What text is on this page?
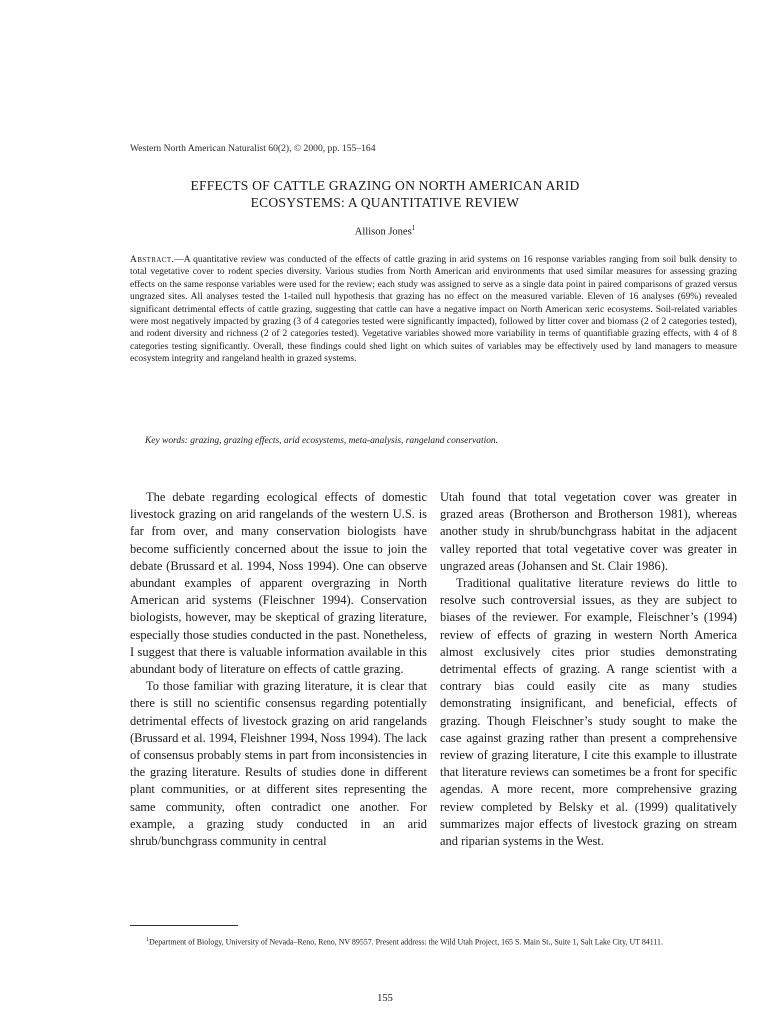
Western North American Naturalist 60(2), © 2000, pp. 155–164
EFFECTS OF CATTLE GRAZING ON NORTH AMERICAN ARID
ECOSYSTEMS: A QUANTITATIVE REVIEW
Allison Jones$^1$

Abstract.—A quantitative review was conducted of the effects of cattle grazing in arid systems on 16 response variables ranging from soil bulk density to total vegetative cover to rodent species diversity. Various studies from North American arid environments that used similar measures for assessing grazing effects on the same response variables were used for the review; each study was assigned to serve as a single data point in paired comparisons of grazed versus ungrazed sites. All analyses tested the 1-tailed null hypothesis that grazing has no effect on the measured variable. Eleven of 16 analyses (69%) revealed significant detrimental effects of cattle grazing, suggesting that cattle can have a negative impact on North American xeric ecosystems. Soil-related variables were most negatively impacted by grazing (3 of 4 categories tested were significantly impacted), followed by litter cover and biomass (2 of 2 categories tested), and rodent diversity and richness (2 of 2 categories tested). Vegetative variables showed more variability in terms of quantifiable grazing effects, with 4 of 8 categories testing significantly. Overall, these findings could shed light on which suites of variables may be effectively used by land managers to measure ecosystem integrity and rangeland health in grazed systems.

Key words: grazing, grazing effects, arid ecosystems, meta-analysis, rangeland conservation.

The debate regarding ecological effects of domestic livestock grazing on arid rangelands of the western U.S. is far from over, and many conservation biologists have become sufficiently concerned about the issue to join the debate (Brussard et al. 1994, Noss 1994). One can observe abundant examples of apparent overgrazing in North American arid systems (Fleischner 1994). Conservation biologists, however, may be skeptical of grazing literature, especially those studies conducted in the past. Nonetheless, I suggest that there is valuable information available in this abundant body of literature on effects of cattle grazing.

To those familiar with grazing literature, it is clear that there is still no scientific consensus regarding potentially detrimental effects of livestock grazing on arid rangelands (Brussard et al. 1994, Fleishner 1994, Noss 1994). The lack of consensus probably stems in part from inconsistencies in the grazing literature. Results of studies done in different plant communities, or at different sites representing the same community, often contradict one another. For example, a grazing study conducted in an arid shrub/bunchgrass community in central

Utah found that total vegetation cover was greater in grazed areas (Brotherson and Brotherson 1981), whereas another study in shrub/bunchgrass habitat in the adjacent valley reported that total vegetative cover was greater in ungrazed areas (Johansen and St. Clair 1986).

Traditional qualitative literature reviews do little to resolve such controversial issues, as they are subject to biases of the reviewer. For example, Fleischner’s (1994) review of effects of grazing in western North America almost exclusively cites prior studies demonstrating detrimental effects of grazing. A range scientist with a contrary bias could easily cite as many studies demonstrating insignificant, and beneficial, effects of grazing. Though Fleischner’s study sought to make the case against grazing rather than present a comprehensive review of grazing literature, I cite this example to illustrate that literature reviews can sometimes be a front for specific agendas. A more recent, more comprehensive grazing review completed by Belsky et al. (1999) qualitatively summarizes major effects of livestock grazing on stream and riparian systems in the West.

$^1$Department of Biology, University of Nevada–Reno, Reno, NV 89557. Present address: the Wild Utah Project, 165 S. Main St., Suite 1, Salt Lake City, UT 84111.

155
